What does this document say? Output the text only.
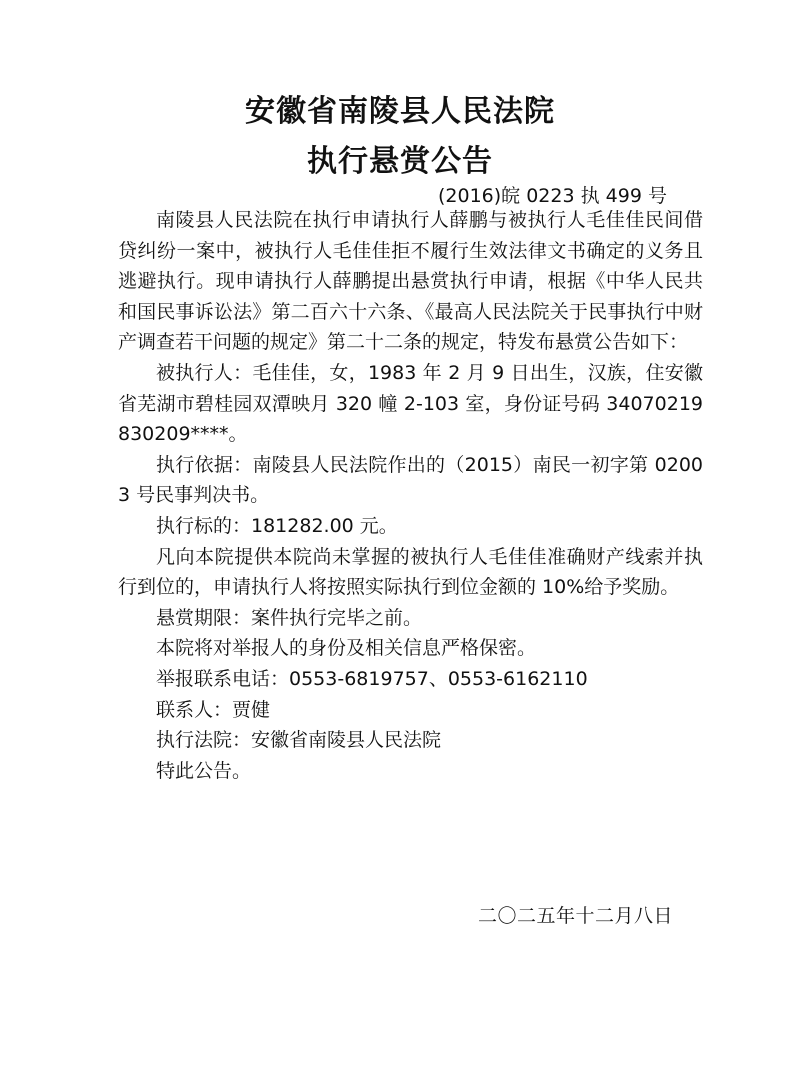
安徽省南陵县人民法院
执行悬赏公告
(2016)皖 0223 执 499 号

南陵县人民法院在执行申请执行人薛鹏与被执行人毛佳佳民间借贷纠纷一案中，被执行人毛佳佳拒不履行生效法律文书确定的义务且逃避执行。现申请执行人薛鹏提出悬赏执行申请，根据《中华人民共和国民事诉讼法》第二百六十六条、《最高人民法院关于民事执行中财产调查若干问题的规定》第二十二条的规定，特发布悬赏公告如下：

被执行人：毛佳佳，女，1983 年 2 月 9 日出生，汉族，住安徽省芜湖市碧桂园双潭映月 320 幢 2-103 室，身份证号码 34070219830209****。

执行依据：南陵县人民法院作出的（2015）南民一初字第 02003 号民事判决书。

执行标的：181282.00 元。

凡向本院提供本院尚未掌握的被执行人毛佳佳准确财产线索并执行到位的，申请执行人将按照实际执行到位金额的 10%给予奖励。

悬赏期限：案件执行完毕之前。

本院将对举报人的身份及相关信息严格保密。

举报联系电话：0553-6819757、0553-6162110

联系人：贾健

执行法院：安徽省南陵县人民法院

特此公告。

二〇二五年十二月八日
